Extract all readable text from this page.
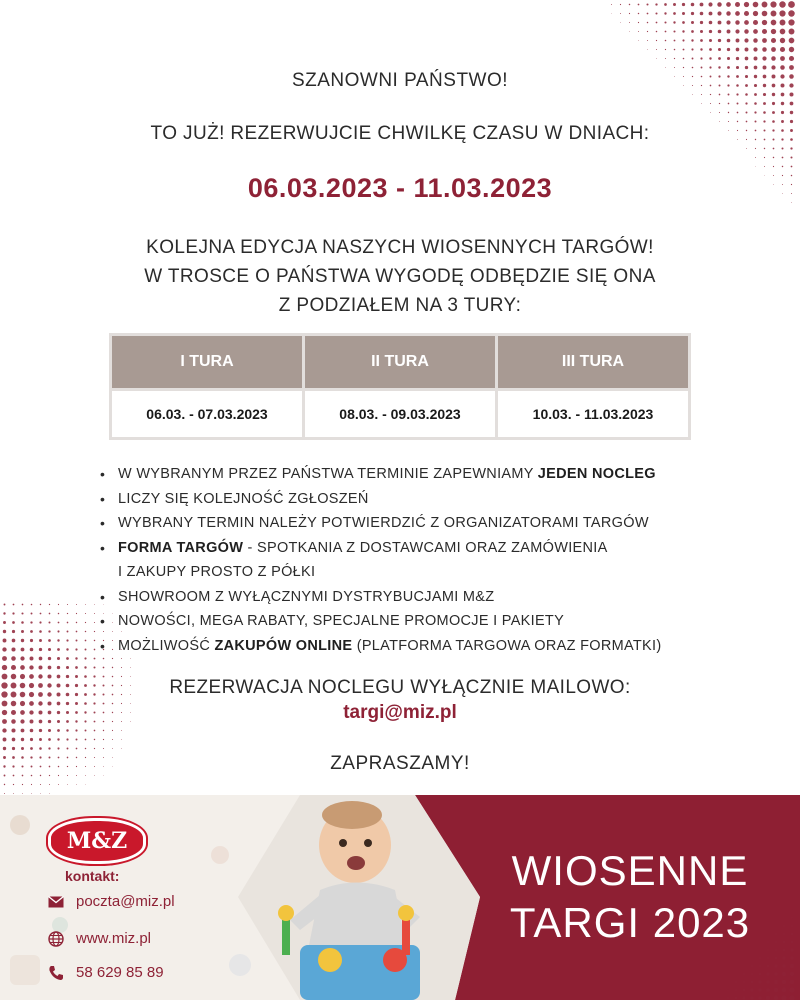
SZANOWNI PAŃSTWO!
TO JUŻ! REZERWUJCIE CHWILKĘ CZASU W DNIACH:
06.03.2023 - 11.03.2023
KOLEJNA EDYCJA NASZYCH WIOSENNYCH TARGÓW!
W TROSCE O PAŃSTWA WYGODĘ ODBĘDZIE SIĘ ONA
Z PODZIAŁEM NA 3 TURY:
I TURA	II TURA	III TURA
06.03. - 07.03.2023	08.03. - 09.03.2023	10.03. - 11.03.2023
• W WYBRANYM PRZEZ PAŃSTWA TERMINIE ZAPEWNIAMY JEDEN NOCLEG
• LICZY SIĘ KOLEJNOŚĆ ZGŁOSZEŃ
• WYBRANY TERMIN NALEŻY POTWIERDZIĆ Z ORGANIZATORAMI TARGÓW
• FORMA TARGÓW - SPOTKANIA Z DOSTAWCAMI ORAZ ZAMÓWIENIA
I ZAKUPY PROSTO Z PÓŁKI
• SHOWROOM Z WYŁĄCZNYMI DYSTRYBUCJAMI M&Z
• NOWOŚCI, MEGA RABATY, SPECJALNE PROMOCJE I PAKIETY
• MOŻLIWOŚĆ ZAKUPÓW ONLINE (PLATFORMA TARGOWA ORAZ FORMATKI)
REZERWACJA NOCLEGU WYŁĄCZNIE MAILOWO:
targi@miz.pl
ZAPRASZAMY!
M&Z
kontakt:
poczta@miz.pl
www.miz.pl
58 629 85 89
WIOSENNE
TARGI 2023
